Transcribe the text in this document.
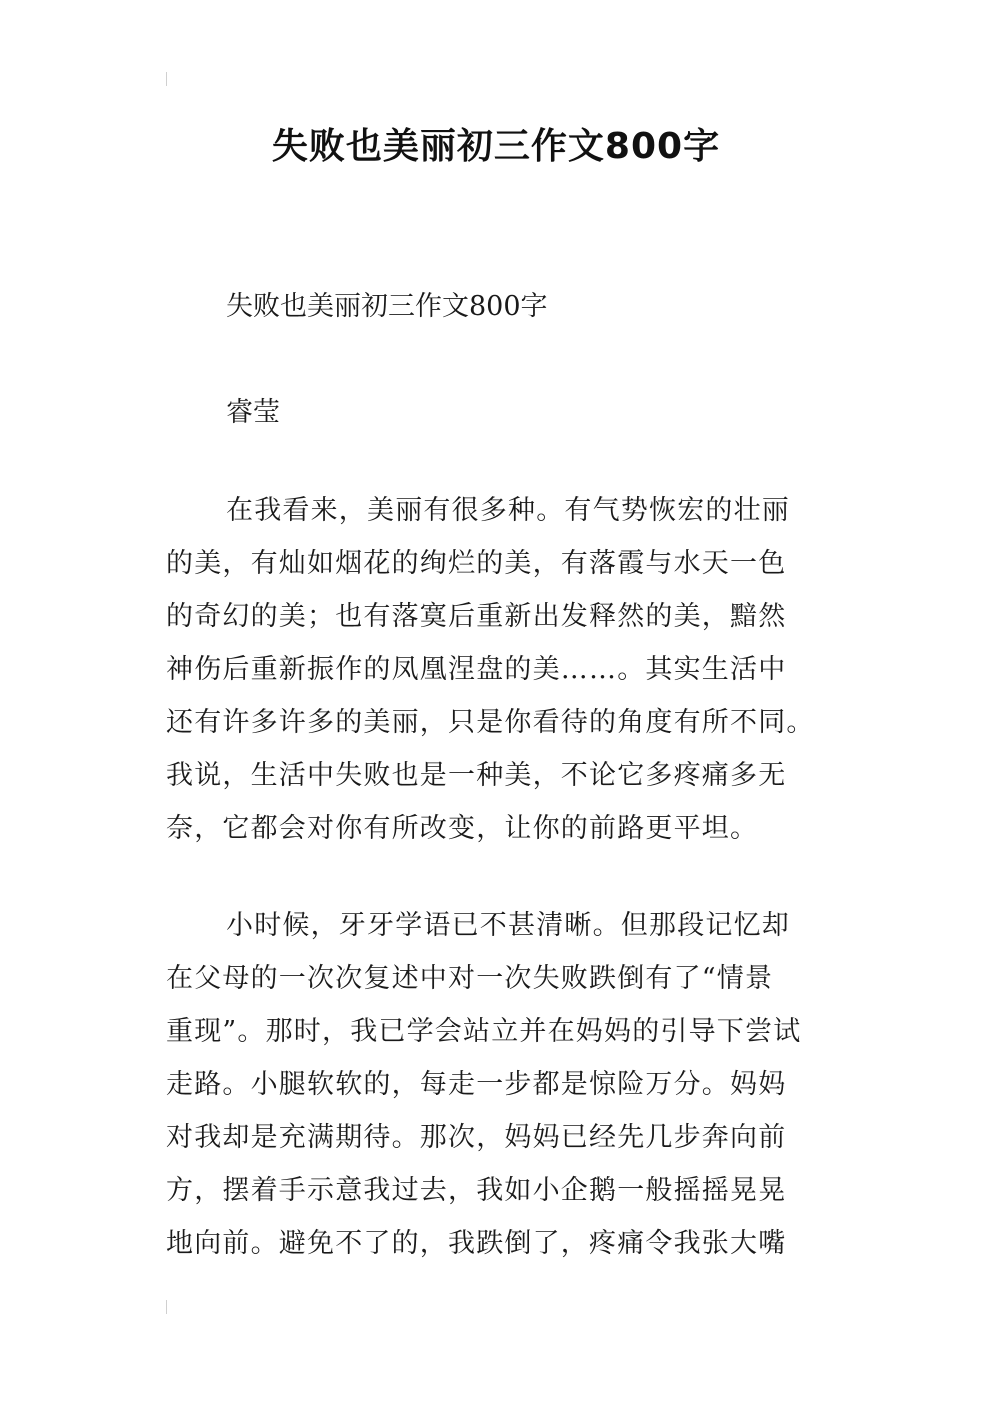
失败也美丽初三作文800字
失败也美丽初三作文800字
睿莹
在我看来，美丽有很多种。有气势恢宏的壮丽
的美，有灿如烟花的绚烂的美，有落霞与水天一色
的奇幻的美；也有落寞后重新出发释然的美，黯然
神伤后重新振作的凤凰涅盘的美……。其实生活中
还有许多许多的美丽，只是你看待的角度有所不同。
我说，生活中失败也是一种美，不论它多疼痛多无
奈，它都会对你有所改变，让你的前路更平坦。
小时候，牙牙学语已不甚清晰。但那段记忆却
在父母的一次次复述中对一次失败跌倒有了“情景
重现”。那时，我已学会站立并在妈妈的引导下尝试
走路。小腿软软的，每走一步都是惊险万分。妈妈
对我却是充满期待。那次，妈妈已经先几步奔向前
方，摆着手示意我过去，我如小企鹅一般摇摇晃晃
地向前。避免不了的，我跌倒了，疼痛令我张大嘴
